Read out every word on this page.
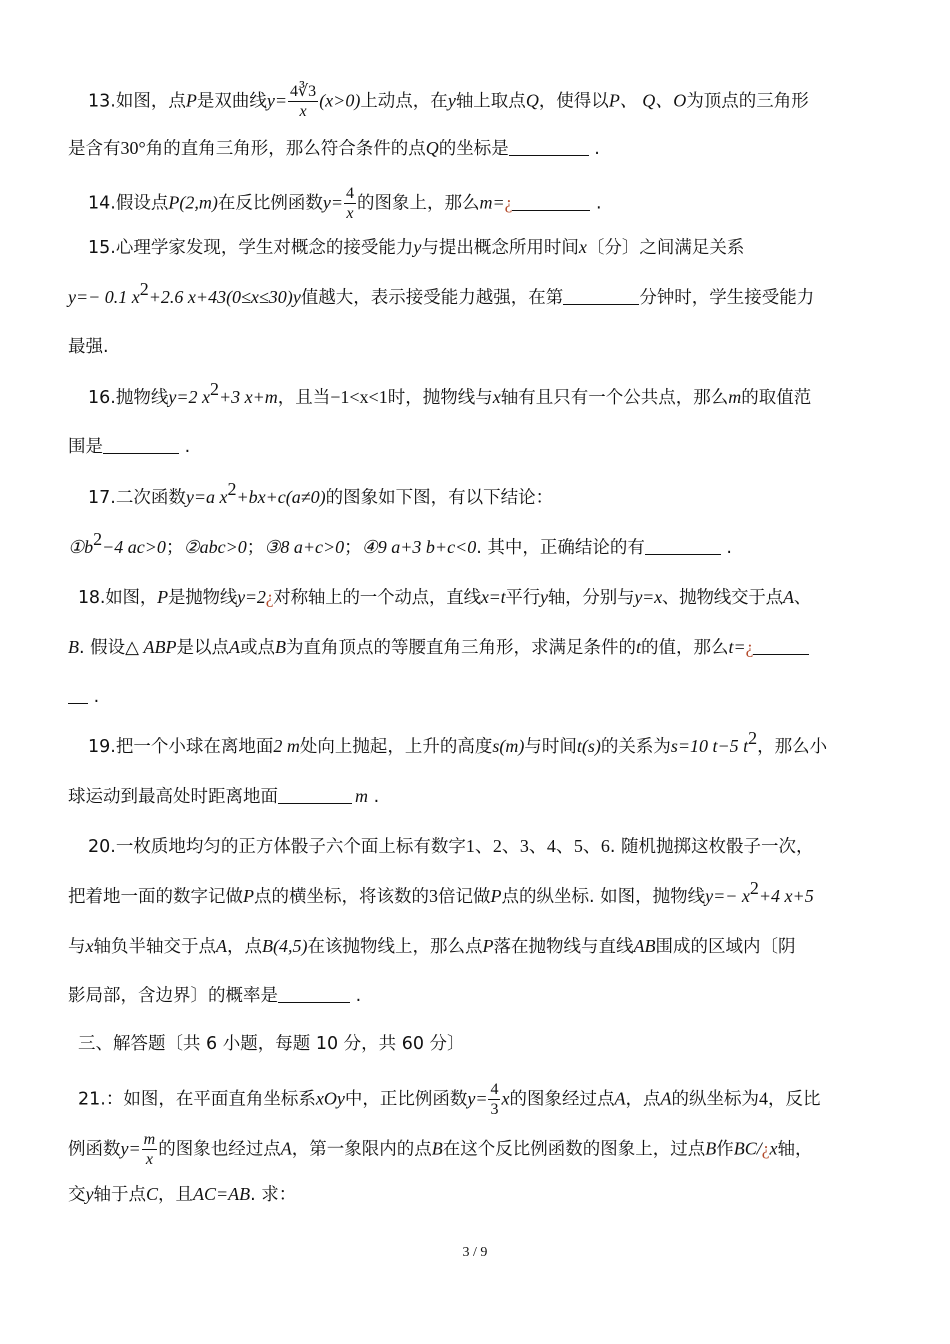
13.如图，点P是双曲线$y= \frac{4∛3}{x} (x>0)$上动点，在y轴上取点Q，使得以P、 Q、O为顶点的三角形
是含有30°角的直角三角形，那么符合条件的点Q的坐标是	.
14.假设点P(2,m)在反比例函数$y= \frac{4}{x}$ 的图象上，那么m=¿	.
15.心理学家发现，学生对概念的接受能力y与提出概念所用时间x〔分〕之间满足关系
y=− 0.1 $x^2+2.6$ x+43(0≤x≤30)y值越大，表示接受能力越强，在第	分钟时，学生接受能力
最强.
16.抛物线y=2 $x^2+3$ x+m，且当−1<x<1时，抛物线与x轴有且只有一个公共点，那么m的取值范
围是	.
17.二次函数y=a $x^2+bx+c(a\ne 0)$的图象如下图，有以下结论：
$①b^2-4$ ac>0；②abc>0；③8 a+c>0；④9 a+3 b+c<0. 其中，正确结论的有	.
18.如图，P是抛物线y=2¿对称轴上的一个动点，直线x=t平行y轴，分别与y=x、抛物线交于点A、
B. 假设△ ABP是以点A或点B为直角顶点的等腰直角三角形，求满足条件的t的值，那么t=¿
.
19.把一个小球在离地面2 m处向上抛起，上升的高度s(m)与时间t(s)的关系为s=10 t−5 $t^2$，那么小
球运动到最高处时距离地面	m .
20.一枚质地均匀的正方体骰子六个面上标有数字1、2、3、4、5、6. 随机抛掷这枚骰子一次，
把着地一面的数字记做P点的横坐标，将该数的3倍记做P点的纵坐标. 如图，抛物线$y=- x^2+4$ x+5
与x轴负半轴交于点A，点B(4,5)在该抛物线上，那么点P落在抛物线与直线AB围成的区域内〔阴
影局部，含边界〕的概率是	.
三、解答题〔共 6 小题，每题 10 分，共 60 分〕
21.：如图，在平面直角坐标系xOy中，正比例函数$y= \frac{4}{3}$ x的图象经过点A，点A的纵坐标为4，反比
例函数$y= \frac{m}{x}$ 的图象也经过点A，第一象限内的点B在这个反比例函数的图象上，过点B作BC/¿x轴，
交y轴于点C，且AC=AB. 求：
3 / 9
